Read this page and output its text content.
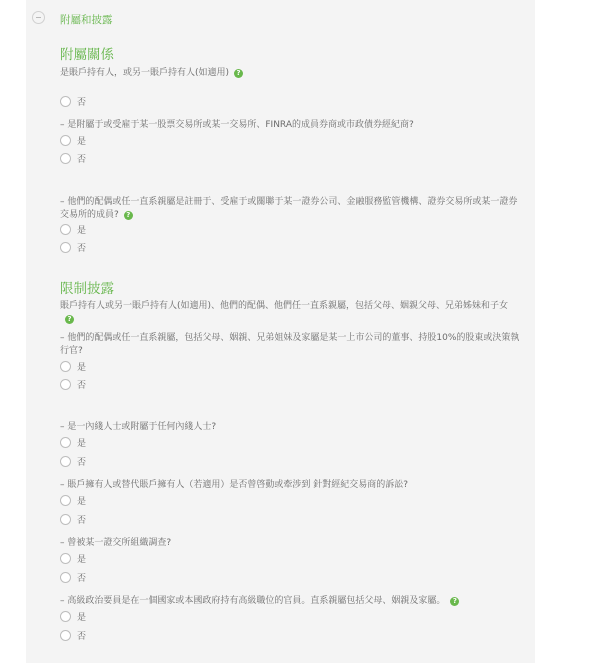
附屬和披露
附屬關係
是賬戶持有人，或另一賬戶持有人(如適用) ?
否
– 是附屬于或受雇于某一股票交易所或某一交易所、FINRA的成員券商或市政債券經紀商?
是
否
– 他們的配偶或任一直系親屬是註冊于、受雇于或關聯于某一證券公司、金融服務監管機構、證券交易所或某一證券交易所的成員? ?
是
否
限制披露
賬戶持有人或另一賬戶持有人(如適用)、他們的配偶、他們任一直系親屬，包括父母、姻親父母、兄弟姊妹和子女?
– 他們的配偶或任一直系親屬，包括父母、姻親、兄弟姐妹及家屬是某一上市公司的董事、持股10%的股東或決策執行官?
是
否
– 是一內綫人士或附屬于任何內綫人士?
是
否
– 賬戶擁有人或替代賬戶擁有人（若適用）是否曾啓動或牽涉到 針對經紀交易商的訴訟?
是
否
– 曾被某一證交所組織調查?
是
否
– 高級政治要員是在一個國家或本國政府持有高級職位的官員。直系親屬包括父母、姻親及家屬。 ?
是
否
